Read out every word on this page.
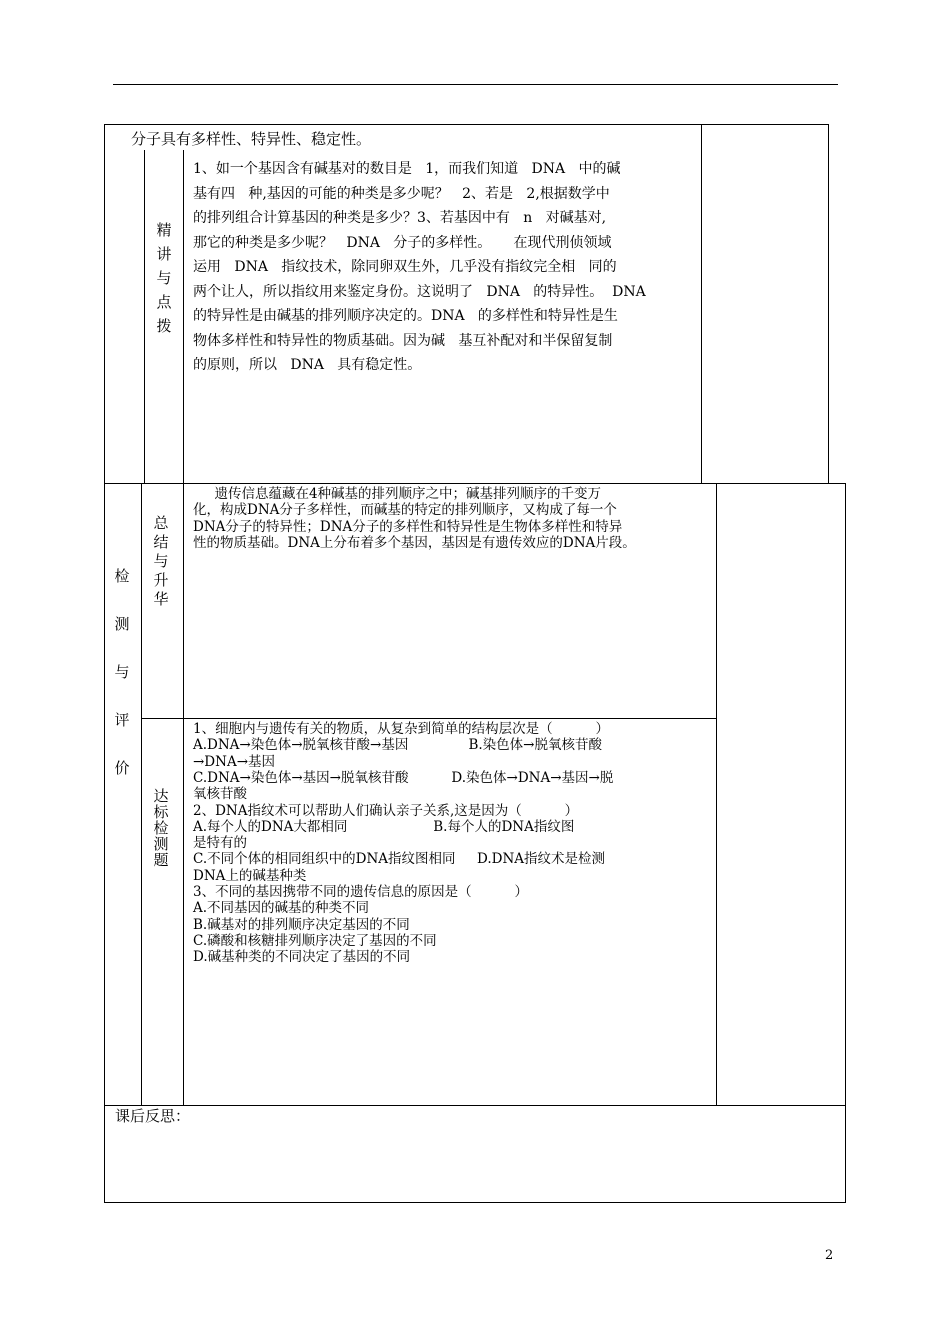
分子具有多样性、特异性、稳定性。
精
讲
与
点
拨
1、如一个基因含有碱基对的数目是   1，而我们知道   DNA   中的碱
基有四   种,基因的可能的种类是多少呢？   2、若是   2,根据数学中
的排列组合计算基因的种类是多少？3、若基因中有   n   对碱基对,
那它的种类是多少呢？   DNA   分子的多样性。     在现代刑侦领域
运用   DNA   指纹技术，除同卵双生外，几乎没有指纹完全相   同的
两个让人，所以指纹用来鉴定身份。这说明了   DNA   的特异性。  DNA
的特异性是由碱基的排列顺序决定的。DNA   的多样性和特异性是生
物体多样性和特异性的物质基础。因为碱   基互补配对和半保留复制
的原则，所以   DNA   具有稳定性。
检
测
与
评
价
总
结
与
升
华
遗传信息蕴藏在4种碱基的排列顺序之中；碱基排列顺序的千变万
化，构成DNA分子多样性，而碱基的特定的排列顺序，又构成了每一个
DNA分子的特异性；DNA分子的多样性和特异性是生物体多样性和特异
性的物质基础。DNA上分布着多个基因，基因是有遗传效应的DNA片段。
达
标
检
测
题
1、细胞内与遗传有关的物质，从复杂到简单的结构层次是（          ）
A.DNA→染色体→脱氧核苷酸→基因              B.染色体→脱氧核苷酸
→DNA→基因
C.DNA→染色体→基因→脱氧核苷酸          D.染色体→DNA→基因→脱
氧核苷酸
2、DNA指纹术可以帮助人们确认亲子关系,这是因为（          ）
A.每个人的DNA大都相同                    B.每个人的DNA指纹图
是特有的
C.不同个体的相同组织中的DNA指纹图相同     D.DNA指纹术是检测
DNA上的碱基种类
3、不同的基因携带不同的遗传信息的原因是（          ）
A.不同基因的碱基的种类不同
B.碱基对的排列顺序决定基因的不同
C.磷酸和核糖排列顺序决定了基因的不同
D.碱基种类的不同决定了基因的不同
课后反思：
2
